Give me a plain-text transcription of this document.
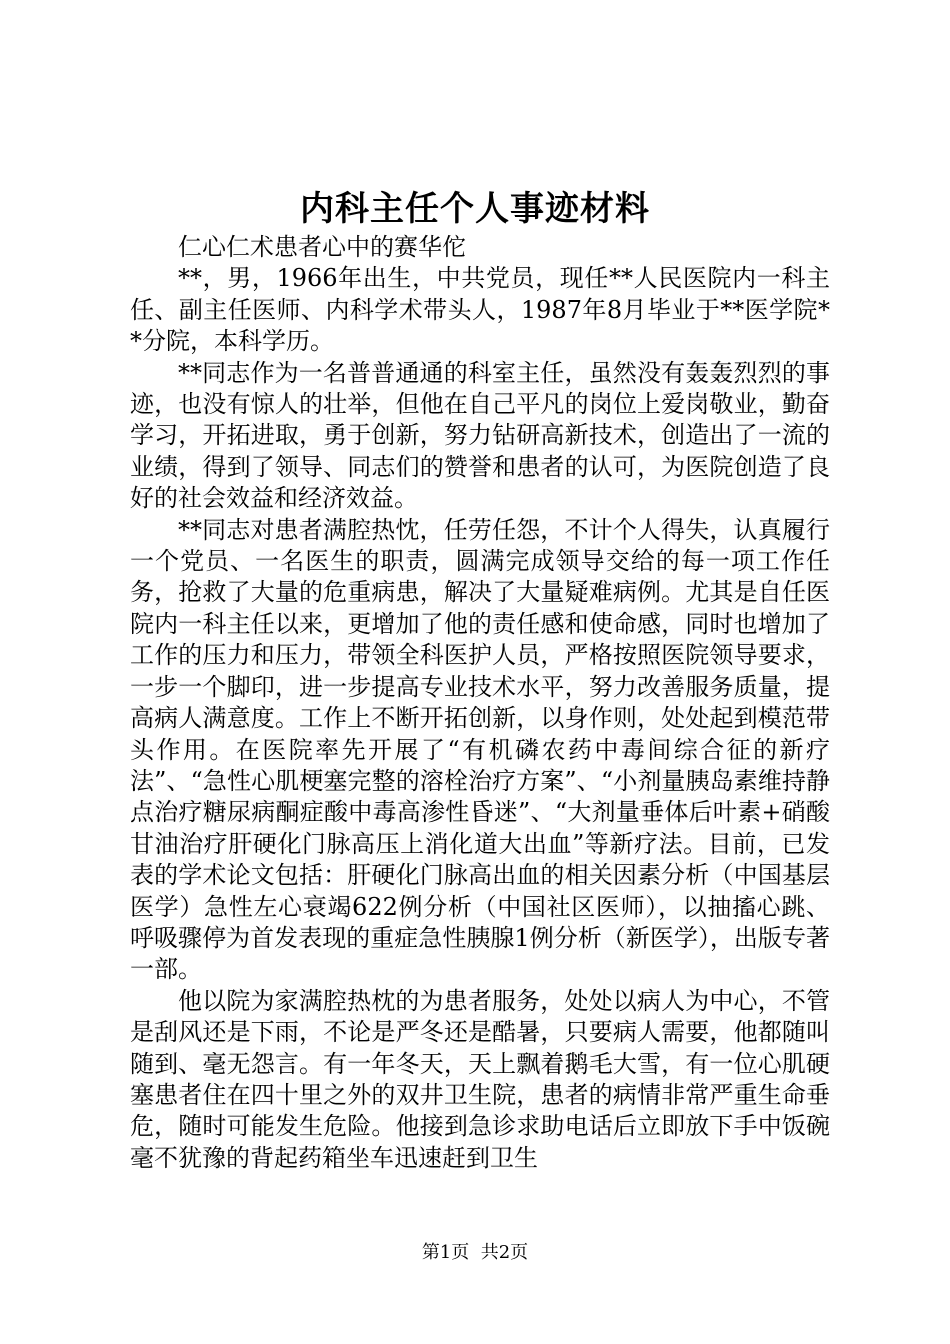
内科主任个人事迹材料

仁心仁术患者心中的赛华佗

**，男，1966年出生，中共党员，现任**人民医院内一科主任、副主任医师、内科学术带头人，1987年8月毕业于**医学院**分院，本科学历。

**同志作为一名普普通通的科室主任，虽然没有轰轰烈烈的事迹，也没有惊人的壮举，但他在自己平凡的岗位上爱岗敬业，勤奋学习，开拓进取，勇于创新，努力钻研高新技术，创造出了一流的业绩，得到了领导、同志们的赞誉和患者的认可，为医院创造了良好的社会效益和经济效益。

**同志对患者满腔热忱，任劳任怨，不计个人得失，认真履行一个党员、一名医生的职责，圆满完成领导交给的每一项工作任务，抢救了大量的危重病患，解决了大量疑难病例。尤其是自任医院内一科主任以来，更增加了他的责任感和使命感，同时也增加了工作的压力和压力，带领全科医护人员，严格按照医院领导要求，一步一个脚印，进一步提高专业技术水平，努力改善服务质量，提高病人满意度。工作上不断开拓创新，以身作则，处处起到模范带头作用。在医院率先开展了“有机磷农药中毒间综合征的新疗法”、“急性心肌梗塞完整的溶栓治疗方案”、“小剂量胰岛素维持静点治疗糖尿病酮症酸中毒高渗性昏迷”、“大剂量垂体后叶素+硝酸甘油治疗肝硬化门脉高压上消化道大出血”等新疗法。目前，已发表的学术论文包括：肝硬化门脉高出血的相关因素分析（中国基层医学）急性左心衰竭622例分析（中国社区医师），以抽搐心跳、呼吸骤停为首发表现的重症急性胰腺1例分析（新医学），出版专著一部。

他以院为家满腔热枕的为患者服务，处处以病人为中心，不管是刮风还是下雨，不论是严冬还是酷暑，只要病人需要，他都随叫随到、毫无怨言。有一年冬天，天上飘着鹅毛大雪，有一位心肌硬塞患者住在四十里之外的双井卫生院，患者的病情非常严重生命垂危，随时可能发生危险。他接到急诊求助电话后立即放下手中饭碗毫不犹豫的背起药箱坐车迅速赶到卫生

第1页 共2页
